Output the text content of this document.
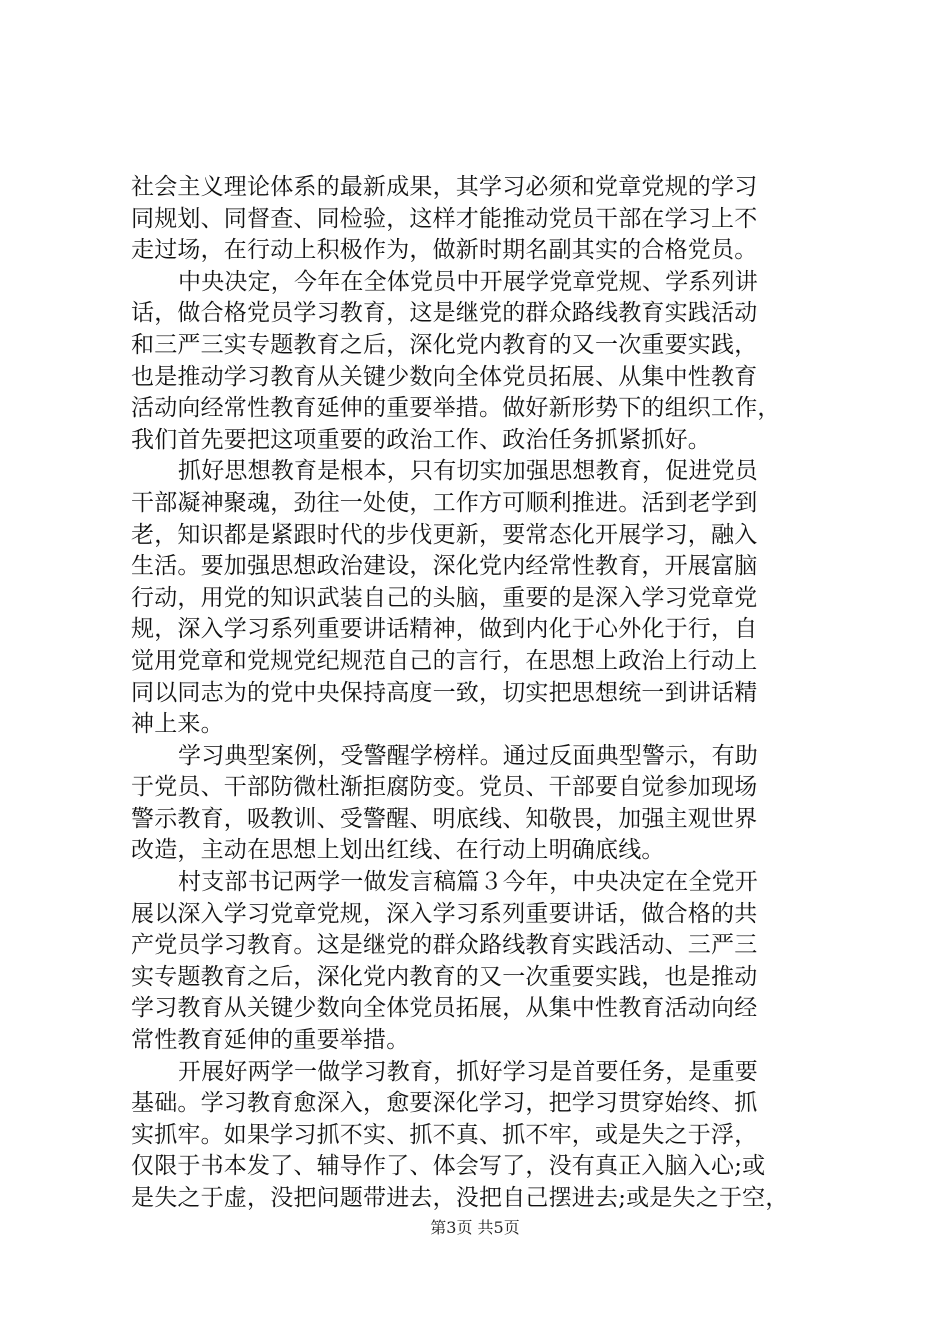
社会主义理论体系的最新成果，其学习必须和党章党规的学习
同规划、同督查、同检验，这样才能推动党员干部在学习上不
走过场，在行动上积极作为，做新时期名副其实的合格党员。
中央决定，今年在全体党员中开展学党章党规、学系列讲
话，做合格党员学习教育，这是继党的群众路线教育实践活动
和三严三实专题教育之后，深化党内教育的又一次重要实践，
也是推动学习教育从关键少数向全体党员拓展、从集中性教育
活动向经常性教育延伸的重要举措。做好新形势下的组织工作，
我们首先要把这项重要的政治工作、政治任务抓紧抓好。
抓好思想教育是根本，只有切实加强思想教育，促进党员
干部凝神聚魂，劲往一处使，工作方可顺利推进。活到老学到
老，知识都是紧跟时代的步伐更新，要常态化开展学习，融入
生活。要加强思想政治建设，深化党内经常性教育，开展富脑
行动，用党的知识武装自己的头脑，重要的是深入学习党章党
规，深入学习系列重要讲话精神，做到内化于心外化于行，自
觉用党章和党规党纪规范自己的言行，在思想上政治上行动上
同以同志为的党中央保持高度一致，切实把思想统一到讲话精
神上来。
学习典型案例，受警醒学榜样。通过反面典型警示，有助
于党员、干部防微杜渐拒腐防变。党员、干部要自觉参加现场
警示教育，吸教训、受警醒、明底线、知敬畏，加强主观世界
改造，主动在思想上划出红线、在行动上明确底线。
村支部书记两学一做发言稿篇３今年，中央决定在全党开
展以深入学习党章党规，深入学习系列重要讲话，做合格的共
产党员学习教育。这是继党的群众路线教育实践活动、三严三
实专题教育之后，深化党内教育的又一次重要实践，也是推动
学习教育从关键少数向全体党员拓展，从集中性教育活动向经
常性教育延伸的重要举措。
开展好两学一做学习教育，抓好学习是首要任务，是重要
基础。学习教育愈深入，愈要深化学习，把学习贯穿始终、抓
实抓牢。如果学习抓不实、抓不真、抓不牢，或是失之于浮，
仅限于书本发了、辅导作了、体会写了，没有真正入脑入心;或
是失之于虚，没把问题带进去，没把自己摆进去;或是失之于空，
第3页 共5页
